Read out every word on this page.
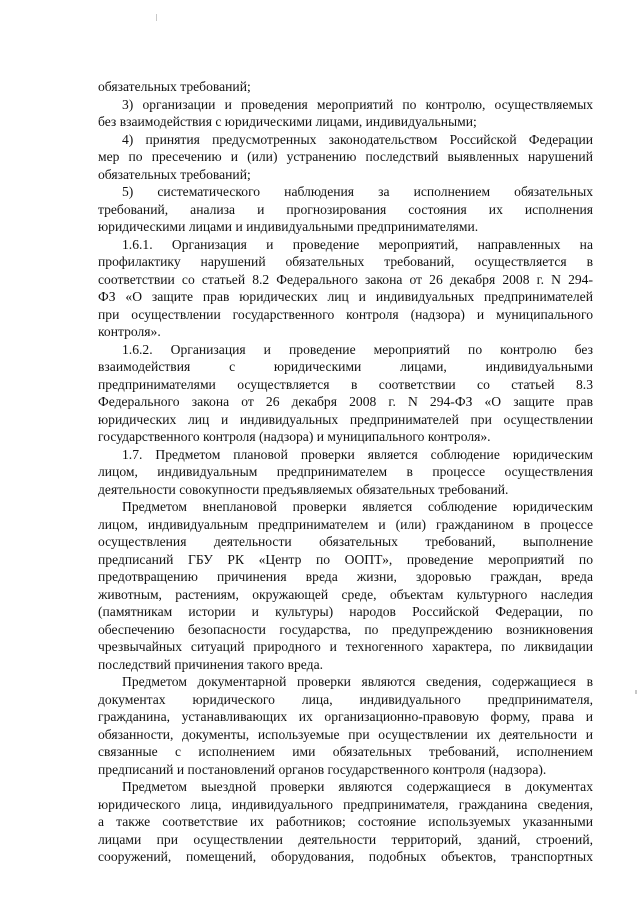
обязательных требований;
3) организации и проведения мероприятий по контролю, осуществляемых
без взаимодействия с юридическими лицами, индивидуальными;
4) принятия предусмотренных законодательством Российской Федерации
мер по пресечению и (или) устранению последствий выявленных нарушений
обязательных требований;
5) систематического наблюдения за исполнением обязательных
требований, анализа и прогнозирования состояния их исполнения
юридическими лицами и индивидуальными предпринимателями.
1.6.1. Организация и проведение мероприятий, направленных на
профилактику нарушений обязательных требований, осуществляется в
соответствии со статьей 8.2 Федерального закона от 26 декабря 2008 г. N 294-
ФЗ «О защите прав юридических лиц и индивидуальных предпринимателей
при осуществлении государственного контроля (надзора) и муниципального
контроля».
1.6.2. Организация и проведение мероприятий по контролю без
взаимодействия с юридическими лицами, индивидуальными
предпринимателями осуществляется в соответствии со статьей 8.3
Федерального закона от 26 декабря 2008 г. N 294-ФЗ «О защите прав
юридических лиц и индивидуальных предпринимателей при осуществлении
государственного контроля (надзора) и муниципального контроля».
1.7. Предметом плановой проверки является соблюдение юридическим
лицом, индивидуальным предпринимателем в процессе осуществления
деятельности совокупности предъявляемых обязательных требований.
Предметом внеплановой проверки является соблюдение юридическим
лицом, индивидуальным предпринимателем и (или) гражданином в процессе
осуществления деятельности обязательных требований, выполнение
предписаний ГБУ РК «Центр по ООПТ», проведение мероприятий по
предотвращению причинения вреда жизни, здоровью граждан, вреда
животным, растениям, окружающей среде, объектам культурного наследия
(памятникам истории и культуры) народов Российской Федерации, по
обеспечению безопасности государства, по предупреждению возникновения
чрезвычайных ситуаций природного и техногенного характера, по ликвидации
последствий причинения такого вреда.
Предметом документарной проверки являются сведения, содержащиеся в
документах юридического лица, индивидуального предпринимателя,
гражданина, устанавливающих их организационно-правовую форму, права и
обязанности, документы, используемые при осуществлении их деятельности и
связанные с исполнением ими обязательных требований, исполнением
предписаний и постановлений органов государственного контроля (надзора).
Предметом выездной проверки являются содержащиеся в документах
юридического лица, индивидуального предпринимателя, гражданина сведения,
а также соответствие их работников; состояние используемых указанными
лицами при осуществлении деятельности территорий, зданий, строений,
сооружений, помещений, оборудования, подобных объектов, транспортных
